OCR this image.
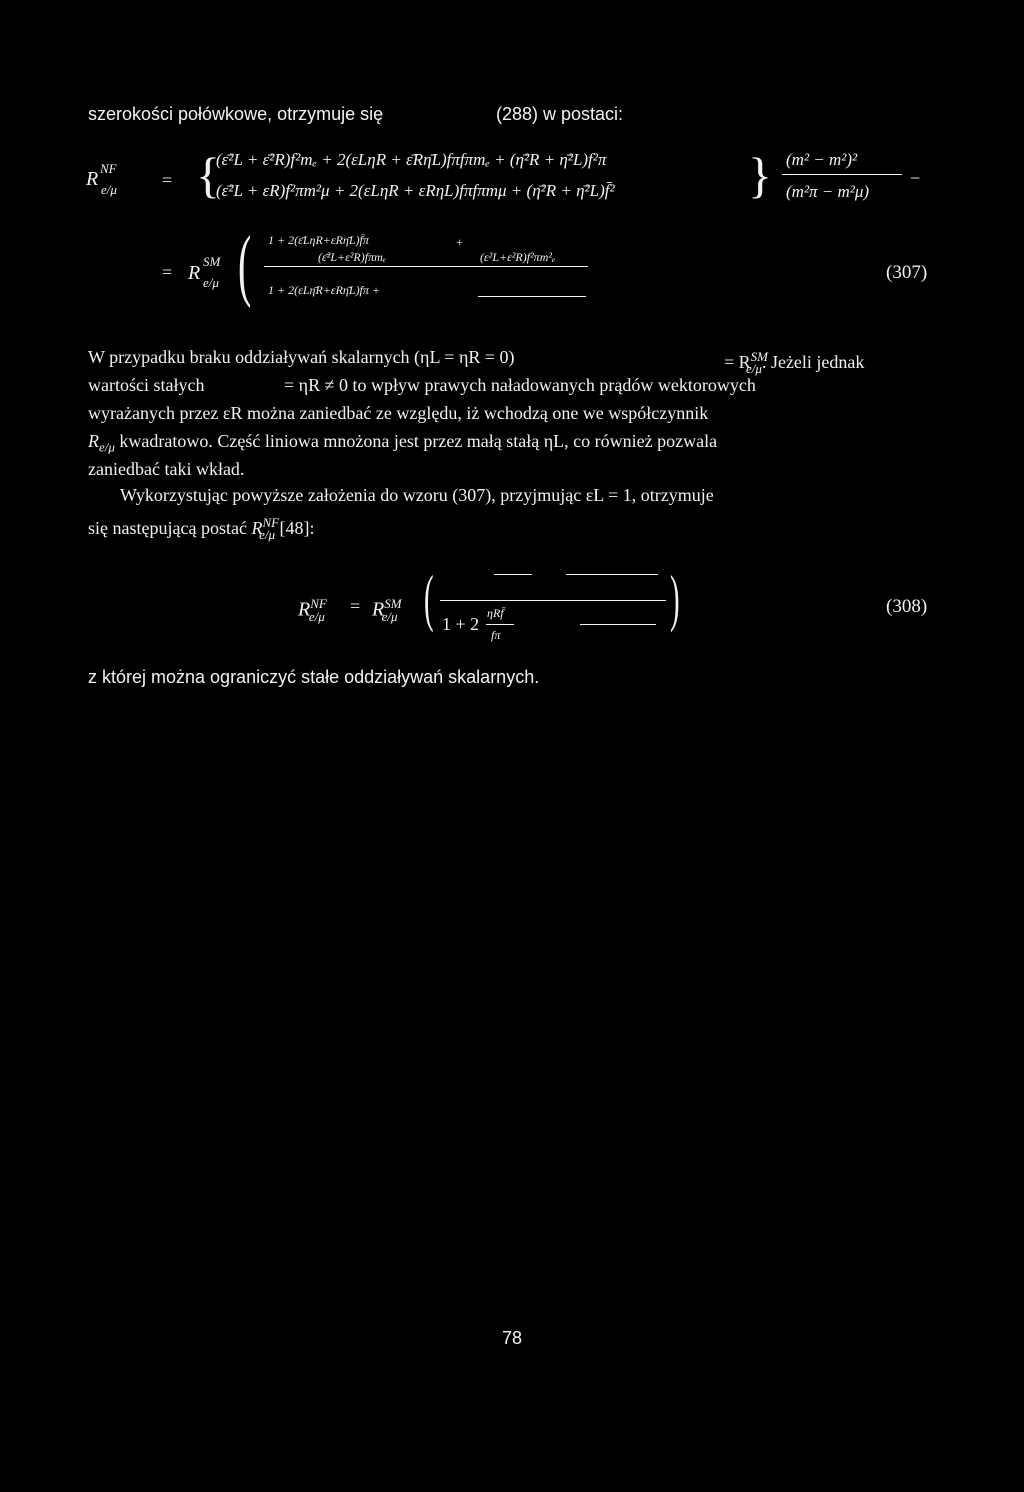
szerokości połówkowe, otrzymuje się	(288) w postaci:
R NF
e/μ	= {
(ε̄²L + ε̄²R)f²mₑ + 2(εLηR + ε̄Rη̄L)fπfπmₑ + (η̄²R + η̄²L)f²π
(ε̄²L + εR)f²πm²μ + 2(εLηR + εRηL)fπfπmμ + (η̄²R + η̄²L)f̄²	} (m² − m²)²
(m²π − m²μ)
−
= R
SM
e/μ ( 1 + 2(ε̄LηR+εRη̄L)f̄π	+
(ε̄²L+ε²R)fπmₑ	(ε²L+ε²R)f²πm²ₑ
1 + 2(εLη̄R+εRη̄L)fπ +
(307)
W przypadku braku oddziaływań skalarnych (ηL = ηR = 0)	= $R℠_{e/\mu}$. Jeżeli jednak
wartości stałych	= ηR ≠ 0 to wpływ prawych naładowanych prądów wektorowych
wyrażanych przez εR można zaniedbać ze względu, iż wchodzą one we współczynnik
$R_{e/\mu}$ kwadratowo. Część liniowa mnożona jest przez małą stałą ηL, co również pozwala
zaniedbać taki wkład.
Wykorzystując powyższe założenia do wzoru (307), przyjmując εL = 1, otrzymuje
się następującą postać $R^{NF}_{e/\mu}$ [48]:
$R^{NF}_{e/\mu}$
= $R℠_{e/\mu}$ ( 1 + 2
ηRf̄
fπ
)	(308)
z której można ograniczyć stałe oddziaływań skalarnych.
78
